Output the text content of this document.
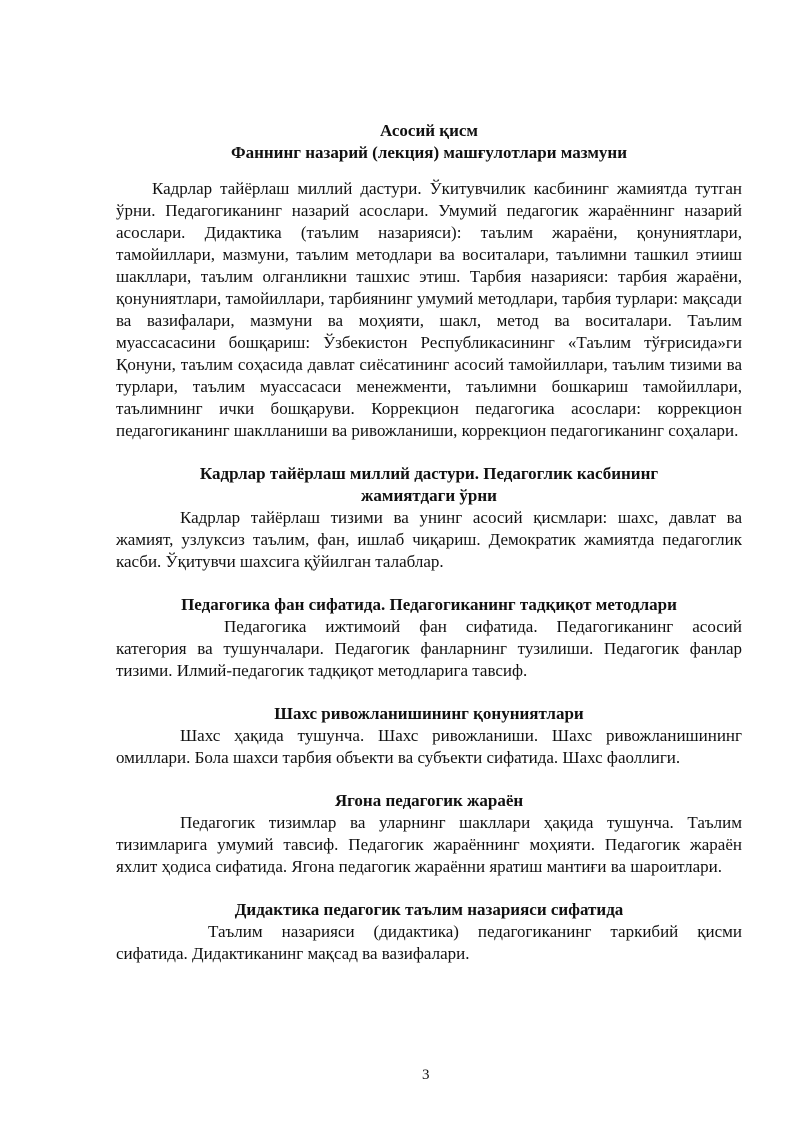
Асосий қисм

Фаннинг назарий (лекция) машғулотлари мазмуни

Кадрлар тайёрлаш миллий дастури. Ўкитувчилик касбининг жамиятда тутган ўрни. Педагогиканинг назарий асослари. Умумий педагогик жараённинг назарий асослари. Дидактика (таълим назарияси): таълим жараёни, қонуниятлари, тамойиллари, мазмуни, таълим методлари ва воситалари, таълимни ташкил этииш шакллари, таълим олганликни ташхис этиш. Тарбия назарияси: тарбия жараёни, қонуниятлари, тамойиллари, тарбиянинг умумий методлари, тарбия турлари: мақсади ва вазифалари, мазмуни ва моҳияти, шакл, метод ва воситалари. Таълим муассасасини бошқариш: Ўзбекистон Республикасининг «Таълим тўғрисида»ги Қонуни, таълим соҳасида давлат сиёсатининг асосий тамойиллари, таълим тизими ва турлари, таълим муассасаси менежменти, таълимни бошкариш тамойиллари, таълимнинг ички бошқаруви. Коррекцион педагогика асослари: коррекцион педагогиканинг шаклланиши ва ривожланиши, коррекцион педагогиканинг соҳалари.

Кадрлар тайёрлаш миллий дастури. Педагоглик касбининг

жамиятдаги ўрни

Кадрлар тайёрлаш тизими ва унинг асосий қисмлари: шахс, давлат ва жамият, узлуксиз таълим, фан, ишлаб чиқариш. Демократик жамиятда педагоглик касби. Ўқитувчи шахсига қўйилган талаблар.

Педагогика фан сифатида. Педагогиканинг тадқиқот методлари

Педагогика ижтимоий фан сифатида. Педагогиканинг асосий категория ва тушунчалари. Педагогик фанларнинг тузилиши. Педагогик фанлар тизими. Илмий-педагогик тадқиқот методларига тавсиф.

Шахс ривожланишининг қонуниятлари

Шахс ҳақида тушунча. Шахс ривожланиши. Шахс ривожланишининг омиллари. Бола шахси тарбия объекти ва субъекти сифатида. Шахс фаоллиги.

Ягона педагогик жараён

Педагогик тизимлар ва уларнинг шакллари ҳақида тушунча. Таълим тизимларига умумий тавсиф. Педагогик жараённинг моҳияти. Педагогик жараён яхлит ҳодиса сифатида. Ягона педагогик жараённи яратиш мантиғи ва шароитлари.

Дидактика педагогик таълим назарияси сифатида

Таълим назарияси (дидактика) педагогиканинг таркибий қисми сифатида. Дидактиканинг мақсад ва вазифалари.

3
